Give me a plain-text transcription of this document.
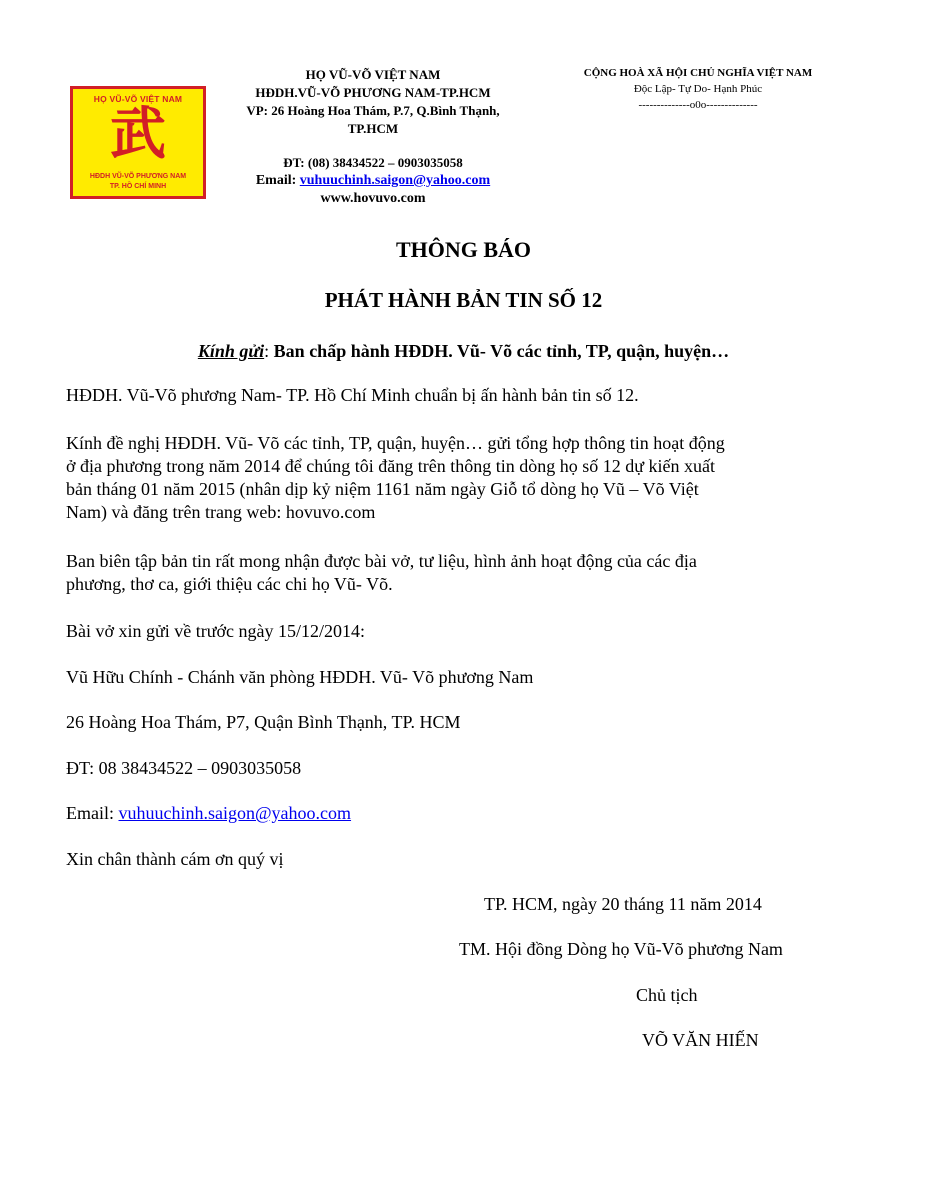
HỌ VŨ-VÕ VIỆT NAM
武
HĐDH VŨ-VÕ PHƯƠNG NAM
TP. HỒ CHÍ MINH
HỌ VŨ-VÕ VIỆT NAM
HĐDH.VŨ-VÕ PHƯƠNG NAM-TP.HCM
VP: 26 Hoàng Hoa Thám, P.7, Q.Bình Thạnh,
TP.HCM
ĐT: (08) 38434522 – 0903035058
Email: vuhuuchinh.saigon@yahoo.com
www.hovuvo.com
CỘNG HOÀ XÃ HỘI CHỦ NGHĨA VIỆT NAM
Độc Lập- Tự Do- Hạnh Phúc
--------------o0o--------------
THÔNG BÁO
PHÁT HÀNH BẢN TIN SỐ 12
Kính gửi: Ban chấp hành HĐDH. Vũ- Võ các tỉnh, TP, quận, huyện…
HĐDH. Vũ-Võ phương Nam- TP. Hồ Chí Minh chuẩn bị ấn hành bản tin số 12.
Kính đề nghị HĐDH. Vũ- Võ các tỉnh, TP, quận, huyện… gửi tổng hợp thông tin hoạt động
ở địa phương trong năm 2014 để chúng tôi đăng trên thông tin dòng họ số 12 dự kiến xuất
bản tháng 01 năm 2015 (nhân dịp kỷ niệm 1161 năm ngày Giỗ tổ dòng họ Vũ – Võ Việt
Nam) và đăng trên trang web: hovuvo.com
Ban biên tập bản tin rất mong nhận được bài vở, tư liệu, hình ảnh hoạt động của các địa
phương, thơ ca, giới thiệu các chi họ Vũ- Võ.
Bài vở xin gửi về trước ngày 15/12/2014:
Vũ Hữu Chính - Chánh văn phòng HĐDH. Vũ- Võ phương Nam
26 Hoàng Hoa Thám, P7, Quận Bình Thạnh, TP. HCM
ĐT: 08 38434522 – 0903035058
Email: vuhuuchinh.saigon@yahoo.com
Xin chân thành cám ơn quý vị
TP. HCM, ngày 20 tháng 11 năm 2014
TM. Hội đồng Dòng họ Vũ-Võ phương Nam
Chủ tịch
VÕ VĂN HIẾN
